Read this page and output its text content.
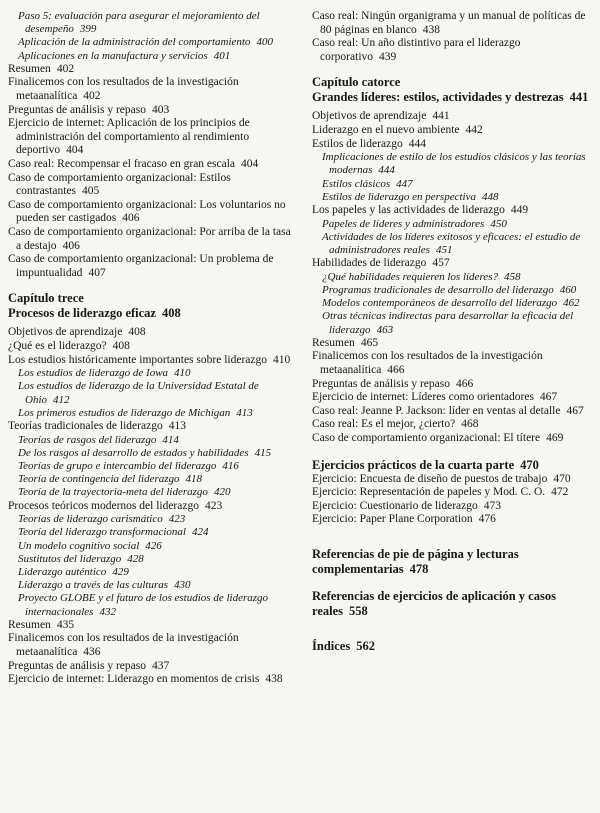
Paso 5: evaluación para asegurar el mejoramiento del desempeño 399
Aplicación de la administración del comportamiento 400
Aplicaciones en la manufactura y servicios 401
Resumen 402
Finalicemos con los resultados de la investigación metaanalítica 402
Preguntas de análisis y repaso 403
Ejercicio de internet: Aplicación de los principios de administración del comportamiento al rendimiento deportivo 404
Caso real: Recompensar el fracaso en gran escala 404
Caso de comportamiento organizacional: Estilos contrastantes 405
Caso de comportamiento organizacional: Los voluntarios no pueden ser castigados 406
Caso de comportamiento organizacional: Por arriba de la tasa a destajo 406
Caso de comportamiento organizacional: Un problema de impuntualidad 407
Capítulo trece
Procesos de liderazgo eficaz 408
Objetivos de aprendizaje 408
¿Qué es el liderazgo? 408
Los estudios históricamente importantes sobre liderazgo 410
Los estudios de liderazgo de Iowa 410
Los estudios de liderazgo de la Universidad Estatal de Ohio 412
Los primeros estudios de liderazgo de Michigan 413
Teorías tradicionales de liderazgo 413
Teorías de rasgos del liderazgo 414
De los rasgos al desarrollo de estados y habilidades 415
Teorías de grupo e intercambio del liderazgo 416
Teoría de contingencia del liderazgo 418
Teoría de la trayectoria-meta del liderazgo 420
Procesos teóricos modernos del liderazgo 423
Teorías de liderazgo carismático 423
Teoría del liderazgo transformacional 424
Un modelo cognitivo social 426
Sustitutos del liderazgo 428
Liderazgo auténtico 429
Liderazgo a través de las culturas 430
Proyecto GLOBE y el futuro de los estudios de liderazgo internacionales 432
Resumen 435
Finalicemos con los resultados de la investigación metaanalítica 436
Preguntas de análisis y repaso 437
Ejercicio de internet: Liderazgo en momentos de crisis 438
Caso real: Ningún organigrama y un manual de políticas de 80 páginas en blanco 438
Caso real: Un año distintivo para el liderazgo corporativo 439
Capítulo catorce
Grandes líderes: estilos, actividades y destrezas 441
Objetivos de aprendizaje 441
Liderazgo en el nuevo ambiente 442
Estilos de liderazgo 444
Implicaciones de estilo de los estudios clásicos y las teorías modernas 444
Estilos clásicos 447
Estilos de liderazgo en perspectiva 448
Los papeles y las actividades de liderazgo 449
Papeles de líderes y administradores 450
Actividades de los líderes exitosos y eficaces: el estudio de administradores reales 451
Habilidades de liderazgo 457
¿Qué habilidades requieren los líderes? 458
Programas tradicionales de desarrollo del liderazgo 460
Modelos contemporáneos de desarrollo del liderazgo 462
Otras técnicas indirectas para desarrollar la eficacia del liderazgo 463
Resumen 465
Finalicemos con los resultados de la investigación metaanalítica 466
Preguntas de análisis y repaso 466
Ejercicio de internet: Líderes como orientadores 467
Caso real: Jeanne P. Jackson: líder en ventas al detalle 467
Caso real: Es el mejor, ¿cierto? 468
Caso de comportamiento organizacional: El títere 469
Ejercicios prácticos de la cuarta parte 470
Ejercicio: Encuesta de diseño de puestos de trabajo 470
Ejercicio: Representación de papeles y Mod. C. O. 472
Ejercicio: Cuestionario de liderazgo 473
Ejercicio: Paper Plane Corporation 476
Referencias de pie de página y lecturas complementarias 478
Referencias de ejercicios de aplicación y casos reales 558
Índices 562
